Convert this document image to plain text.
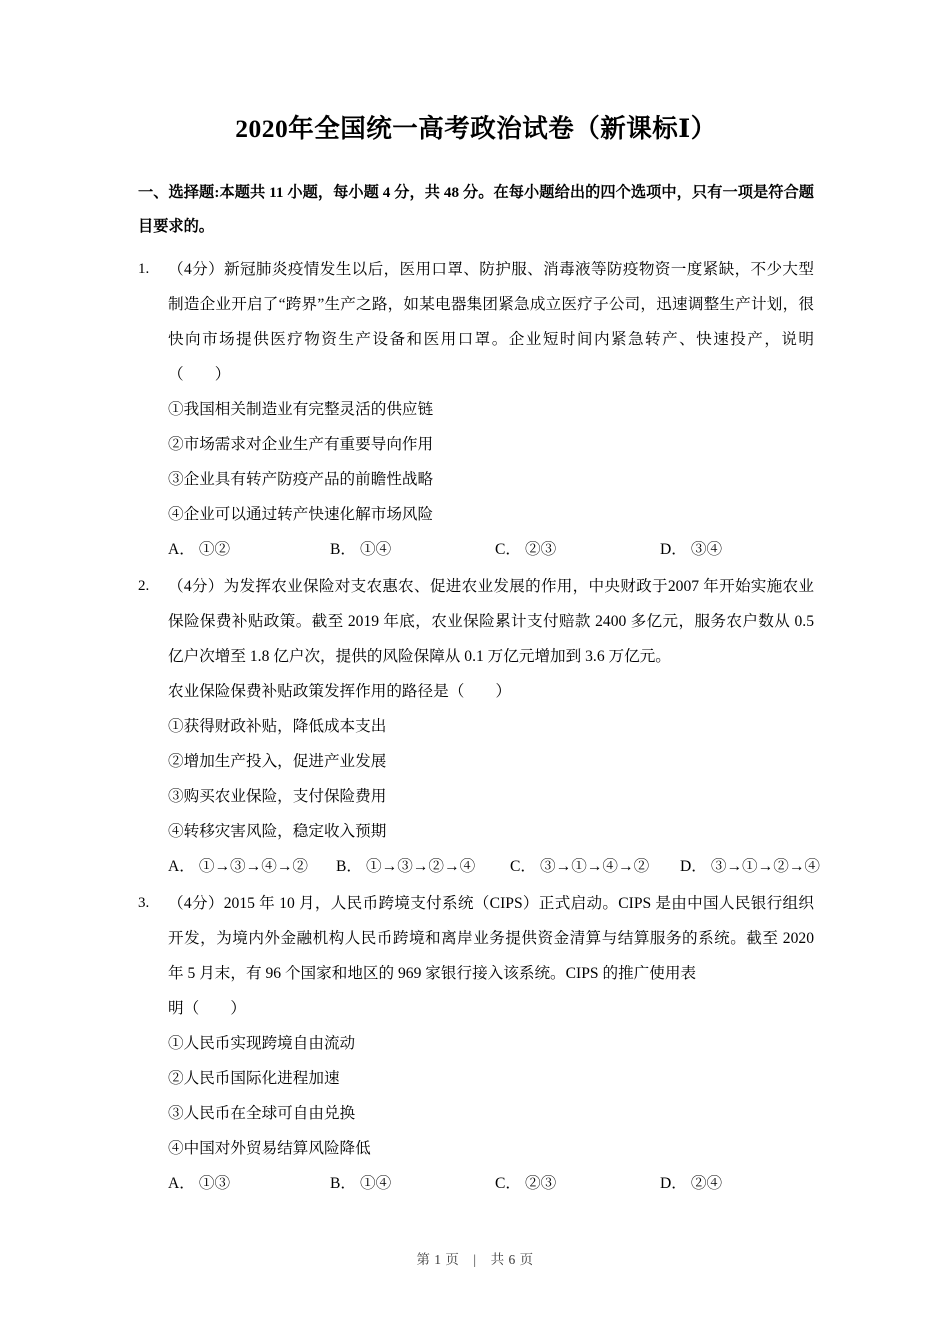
2020年全国统一高考政治试卷（新课标Ⅰ）
一、选择题:本题共 11 小题，每小题 4 分，共 48 分。在每小题给出的四个选项中，只有一项是符合题目要求的。
1.	（4分）新冠肺炎疫情发生以后，医用口罩、防护服、消毒液等防疫物资一度紧缺，不少大型制造企业开启了“跨界”生产之路，如某电器集团紧急成立医疗子公司，迅速调整生产计划，很快向市场提供医疗物资生产设备和医用口罩。企业短时间内紧急转产、快速投产，说明（　　）

①我国相关制造业有完整灵活的供应链
②市场需求对企业生产有重要导向作用
③企业具有转产防疫产品的前瞻性战略
④企业可以通过转产快速化解市场风险
A． ①②	B． ①④	C． ②③	D． ③④
2.	（4分）为发挥农业保险对支农惠农、促进农业发展的作用，中央财政于2007 年开始实施农业保险保费补贴政策。截至 2019 年底，农业保险累计支付赔款 2400 多亿元，服务农户数从 0.5 亿户次增至 1.8 亿户次，提供的风险保障从 0.1 万亿元增加到 3.6 万亿元。

农业保险保费补贴政策发挥作用的路径是（　　）

①获得财政补贴，降低成本支出
②增加生产投入，促进产业发展
③购买农业保险，支付保险费用
④转移灾害风险，稳定收入预期
A． ①→③→④→② B． ①→③→②→④ C． ③→①→④→② D． ③→①→②→④
3.	（4分）2015 年 10 月，人民币跨境支付系统（CIPS）正式启动。CIPS 是由中国人民银行组织开发，为境内外金融机构人民币跨境和离岸业务提供资金清算与结算服务的系统。截至 2020 年 5 月末，有 96 个国家和地区的 969 家银行接入该系统。CIPS 的推广使用表

明（　　）

①人民币实现跨境自由流动
②人民币国际化进程加速
③人民币在全球可自由兑换
④中国对外贸易结算风险降低
A． ①③	B． ①④	C． ②③	D． ②④
第 1 页　|　共 6 页
